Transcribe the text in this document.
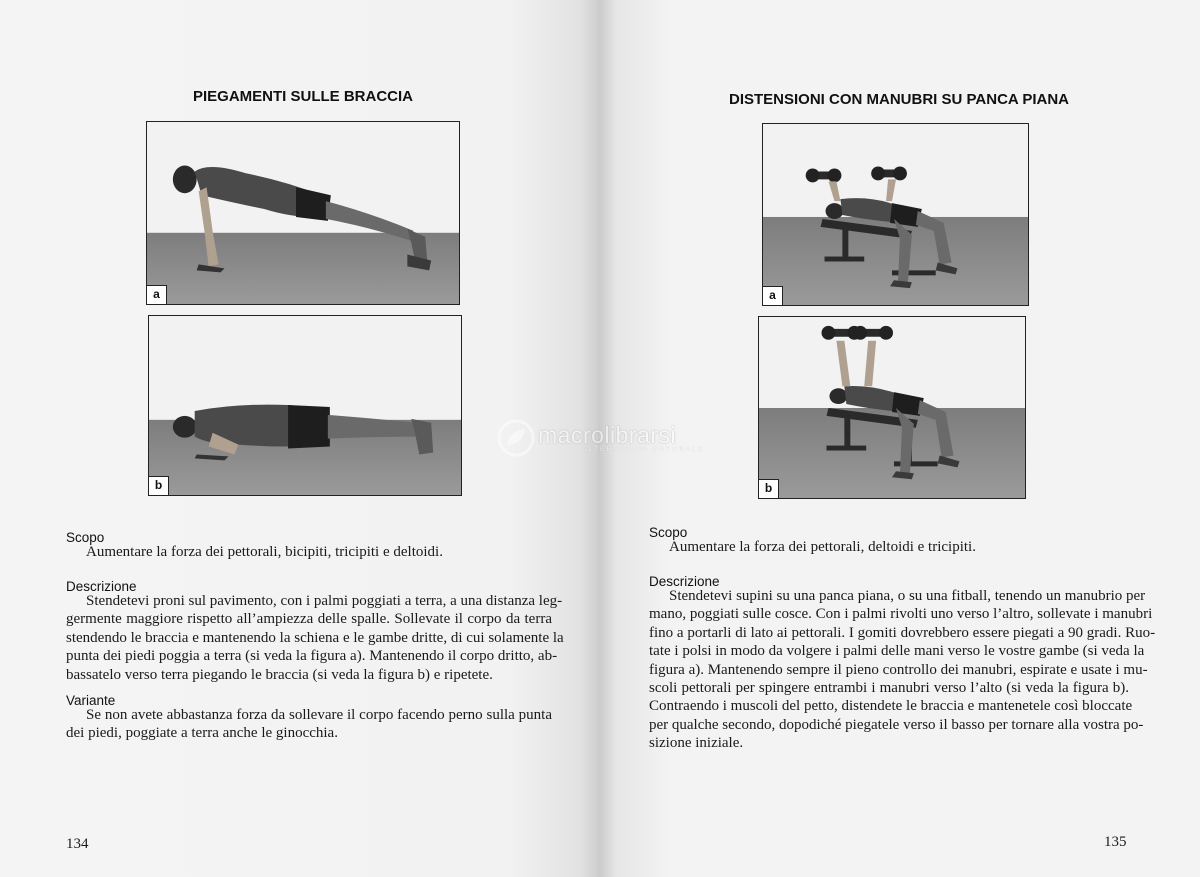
PIEGAMENTI SULLE BRACCIA
a
b
Scopo
Aumentare la forza dei pettorali, bicipiti, tricipiti e deltoidi.
Descrizione
Stendetevi proni sul pavimento, con i palmi poggiati a terra, a una distanza leg-
germente maggiore rispetto all’ampiezza delle spalle. Sollevate il corpo da terra
stendendo le braccia e mantenendo la schiena e le gambe dritte, di cui solamente la
punta dei piedi poggia a terra (si veda la figura a). Mantenendo il corpo dritto, ab-
bassatelo verso terra piegando le braccia (si veda la figura b) e ripetete.
Variante
Se non avete abbastanza forza da sollevare il corpo facendo perno sulla punta
dei piedi, poggiate a terra anche le ginocchia.
134
DISTENSIONI CON MANUBRI SU PANCA PIANA
a
b
Scopo
Aumentare la forza dei pettorali, deltoidi e tricipiti.
Descrizione
Stendetevi supini su una panca piana, o su una fitball, tenendo un manubrio per
mano, poggiati sulle cosce. Con i palmi rivolti uno verso l’altro, sollevate i manubri
fino a portarli di lato ai pettorali. I gomiti dovrebbero essere piegati a 90 gradi. Ruo-
tate i polsi in modo da volgere i palmi delle mani verso le vostre gambe (si veda la
figura a). Mantenendo sempre il pieno controllo dei manubri, espirate e usate i mu-
scoli pettorali per spingere entrambi i manubri verso l’alto (si veda la figura b).
Contraendo i muscoli del petto, distendete le braccia e mantenetele così bloccate
per qualche secondo, dopodiché piegatele verso il basso per tornare alla vostra po-
sizione iniziale.
135
macrolibrarsi
ALTERNATIVA NATURALE
